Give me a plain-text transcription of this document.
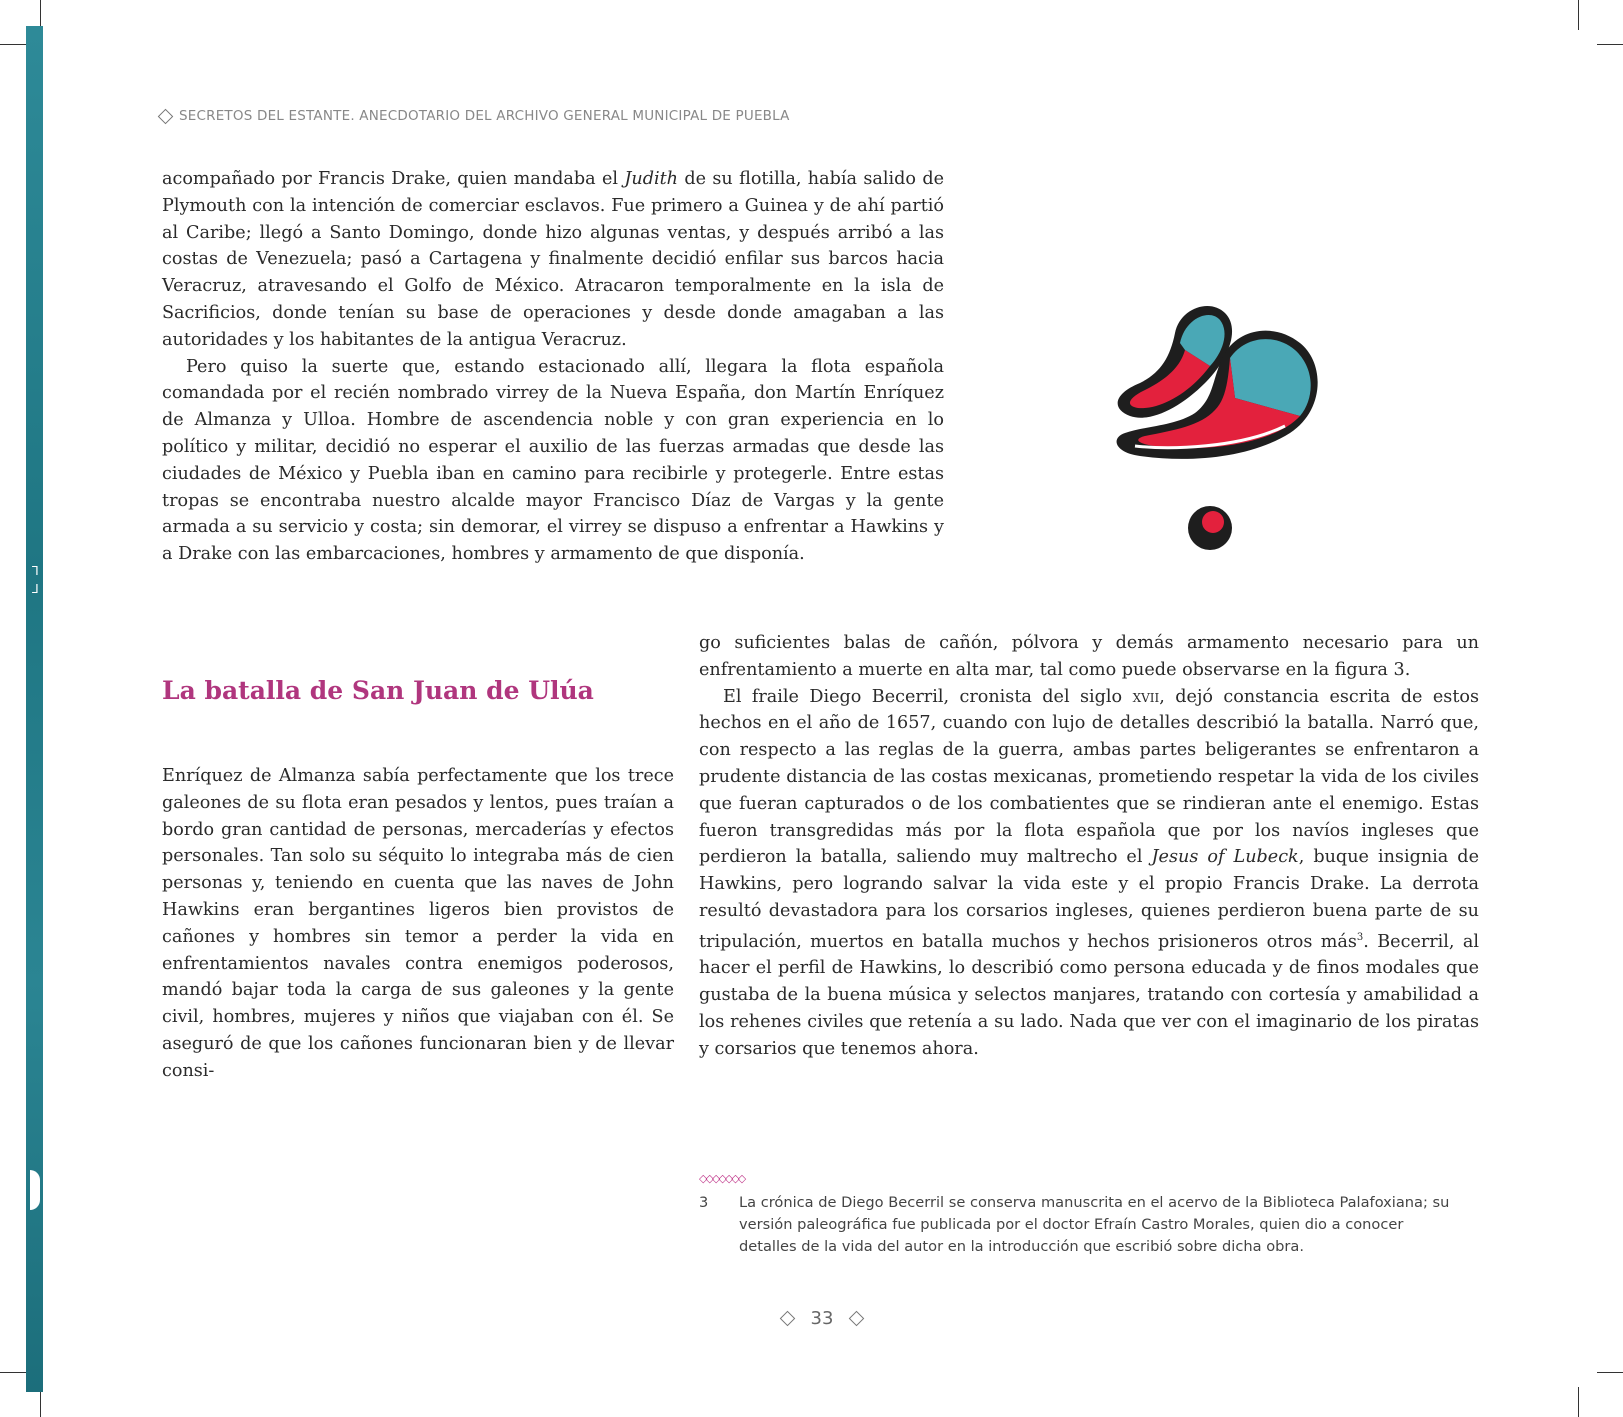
ᒣ ᒧ
SECRETOS DEL ESTANTE. ANECDOTARIO DEL ARCHIVO GENERAL MUNICIPAL DE PUEBLA

acompañado por Francis Drake, quien mandaba el Judith de su flotilla, había salido de Plymouth con la intención de comerciar esclavos. Fue primero a Guinea y de ahí partió al Caribe; llegó a Santo Domingo, donde hizo algunas ventas, y después arribó a las costas de Venezuela; pasó a Cartagena y finalmente decidió enfilar sus barcos hacia Veracruz, atravesando el Golfo de México. Atracaron temporalmente en la isla de Sacrificios, donde tenían su base de operaciones y desde donde amagaban a las autoridades y los habitantes de la antigua Veracruz.

Pero quiso la suerte que, estando estacionado allí, llegara la flota española comandada por el recién nombrado virrey de la Nueva España, don Martín Enríquez de Almanza y Ulloa. Hombre de ascendencia noble y con gran experiencia en lo político y militar, decidió no esperar el auxilio de las fuerzas armadas que desde las ciudades de México y Puebla iban en camino para recibirle y protegerle. Entre estas tropas se encontraba nuestro alcalde mayor Francisco Díaz de Vargas y la gente armada a su servicio y costa; sin demorar, el virrey se dispuso a enfrentar a Hawkins y a Drake con las embarcaciones, hombres y armamento de que disponía.

La batalla de San Juan de Ulúa

Enríquez de Almanza sabía perfectamente que los trece galeones de su flota eran pesados y lentos, pues traían a bordo gran cantidad de personas, mercaderías y efectos personales. Tan solo su séquito lo integraba más de cien personas y, teniendo en cuenta que las naves de John Hawkins eran bergantines ligeros bien provistos de cañones y hombres sin temor a perder la vida en enfrentamientos navales contra enemigos poderosos, mandó bajar toda la carga de sus galeones y la gente civil, hombres, mujeres y niños que viajaban con él. Se aseguró de que los cañones funcionaran bien y de llevar consi-

go suficientes balas de cañón, pólvora y demás armamento necesario para un enfrentamiento a muerte en alta mar, tal como puede observarse en la figura 3.

El fraile Diego Becerril, cronista del siglo xvii, dejó constancia escrita de estos hechos en el año de 1657, cuando con lujo de detalles describió la batalla. Narró que, con respecto a las reglas de la guerra, ambas partes beligerantes se enfrentaron a prudente distancia de las costas mexicanas, prometiendo respetar la vida de los civiles que fueran capturados o de los combatientes que se rindieran ante el enemigo. Estas fueron transgredidas más por la flota española que por los navíos ingleses que perdieron la batalla, saliendo muy maltrecho el Jesus of Lubeck, buque insignia de Hawkins, pero logrando salvar la vida este y el propio Francis Drake. La derrota resultó devastadora para los corsarios ingleses, quienes perdieron buena parte de su tripulación, muertos en batalla muchos y hechos prisioneros otros más$^3$. Becerril, al hacer el perfil de Hawkins, lo describió como persona educada y de finos modales que gustaba de la buena música y selectos manjares, tratando con cortesía y amabilidad a los rehenes civiles que retenía a su lado. Nada que ver con el imaginario de los piratas y corsarios que tenemos ahora.

◇◇◇◇◇◇◇
3	La crónica de Diego Becerril se conserva manuscrita en el acervo de la Biblioteca Palafoxiana; su versión paleográfica fue publicada por el doctor Efraín Castro Morales, quien dio a conocer detalles de la vida del autor en la introducción que escribió sobre dicha obra.
33
